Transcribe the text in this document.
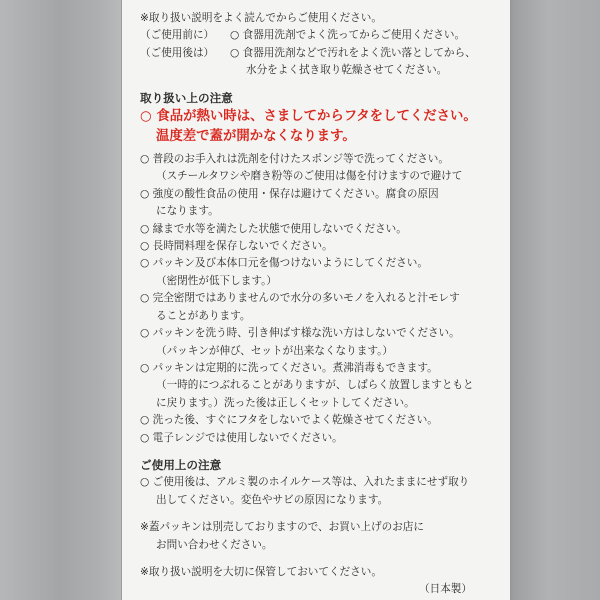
※取り扱い説明をよく読んでからご使用ください。
（ご使用前に）	○ 食器用洗剤でよく洗ってからご使用ください。
（ご使用後は）	○ 食器用洗剤などで汚れをよく洗い落としてから、
水分をよく拭き取り乾燥させてください。
取り扱い上の注意
○ 食品が熱い時は、さましてからフタをしてください。
温度差で蓋が開かなくなります。
○ 普段のお手入れは洗剤を付けたスポンジ等で洗ってください。
（スチールタワシや磨き粉等のご使用は傷を付けますので避けて
○ 強度の酸性食品の使用・保存は避けてください。腐食の原因
になります。
○ 縁まで水等を満たした状態で使用しないでください。
○ 長時間料理を保存しないでください。
○ パッキン及び本体口元を傷つけないようにしてください。
（密閉性が低下します。）
○ 完全密閉ではありませんので水分の多いモノを入れると汁モレす
ることがあります。
○ パッキンを洗う時、引き伸ばす様な洗い方はしないでください。
（パッキンが伸び、セットが出来なくなります。）
○ パッキンは定期的に洗ってください。煮沸消毒もできます。
（一時的につぶれることがありますが、しばらく放置しますともと
に戻ります。）洗った後は正しくセットしてください。
○ 洗った後、すぐにフタをしないでよく乾燥させてください。
○ 電子レンジでは使用しないでください。
ご使用上の注意
○ ご使用後は、アルミ製のホイルケース等は、入れたままにせず取り
出してください。変色やサビの原因になります。
※蓋パッキンは別売しておりますので、お買い上げのお店に
お問い合わせください。
※取り扱い説明を大切に保管しておいてください。
（日本製）
